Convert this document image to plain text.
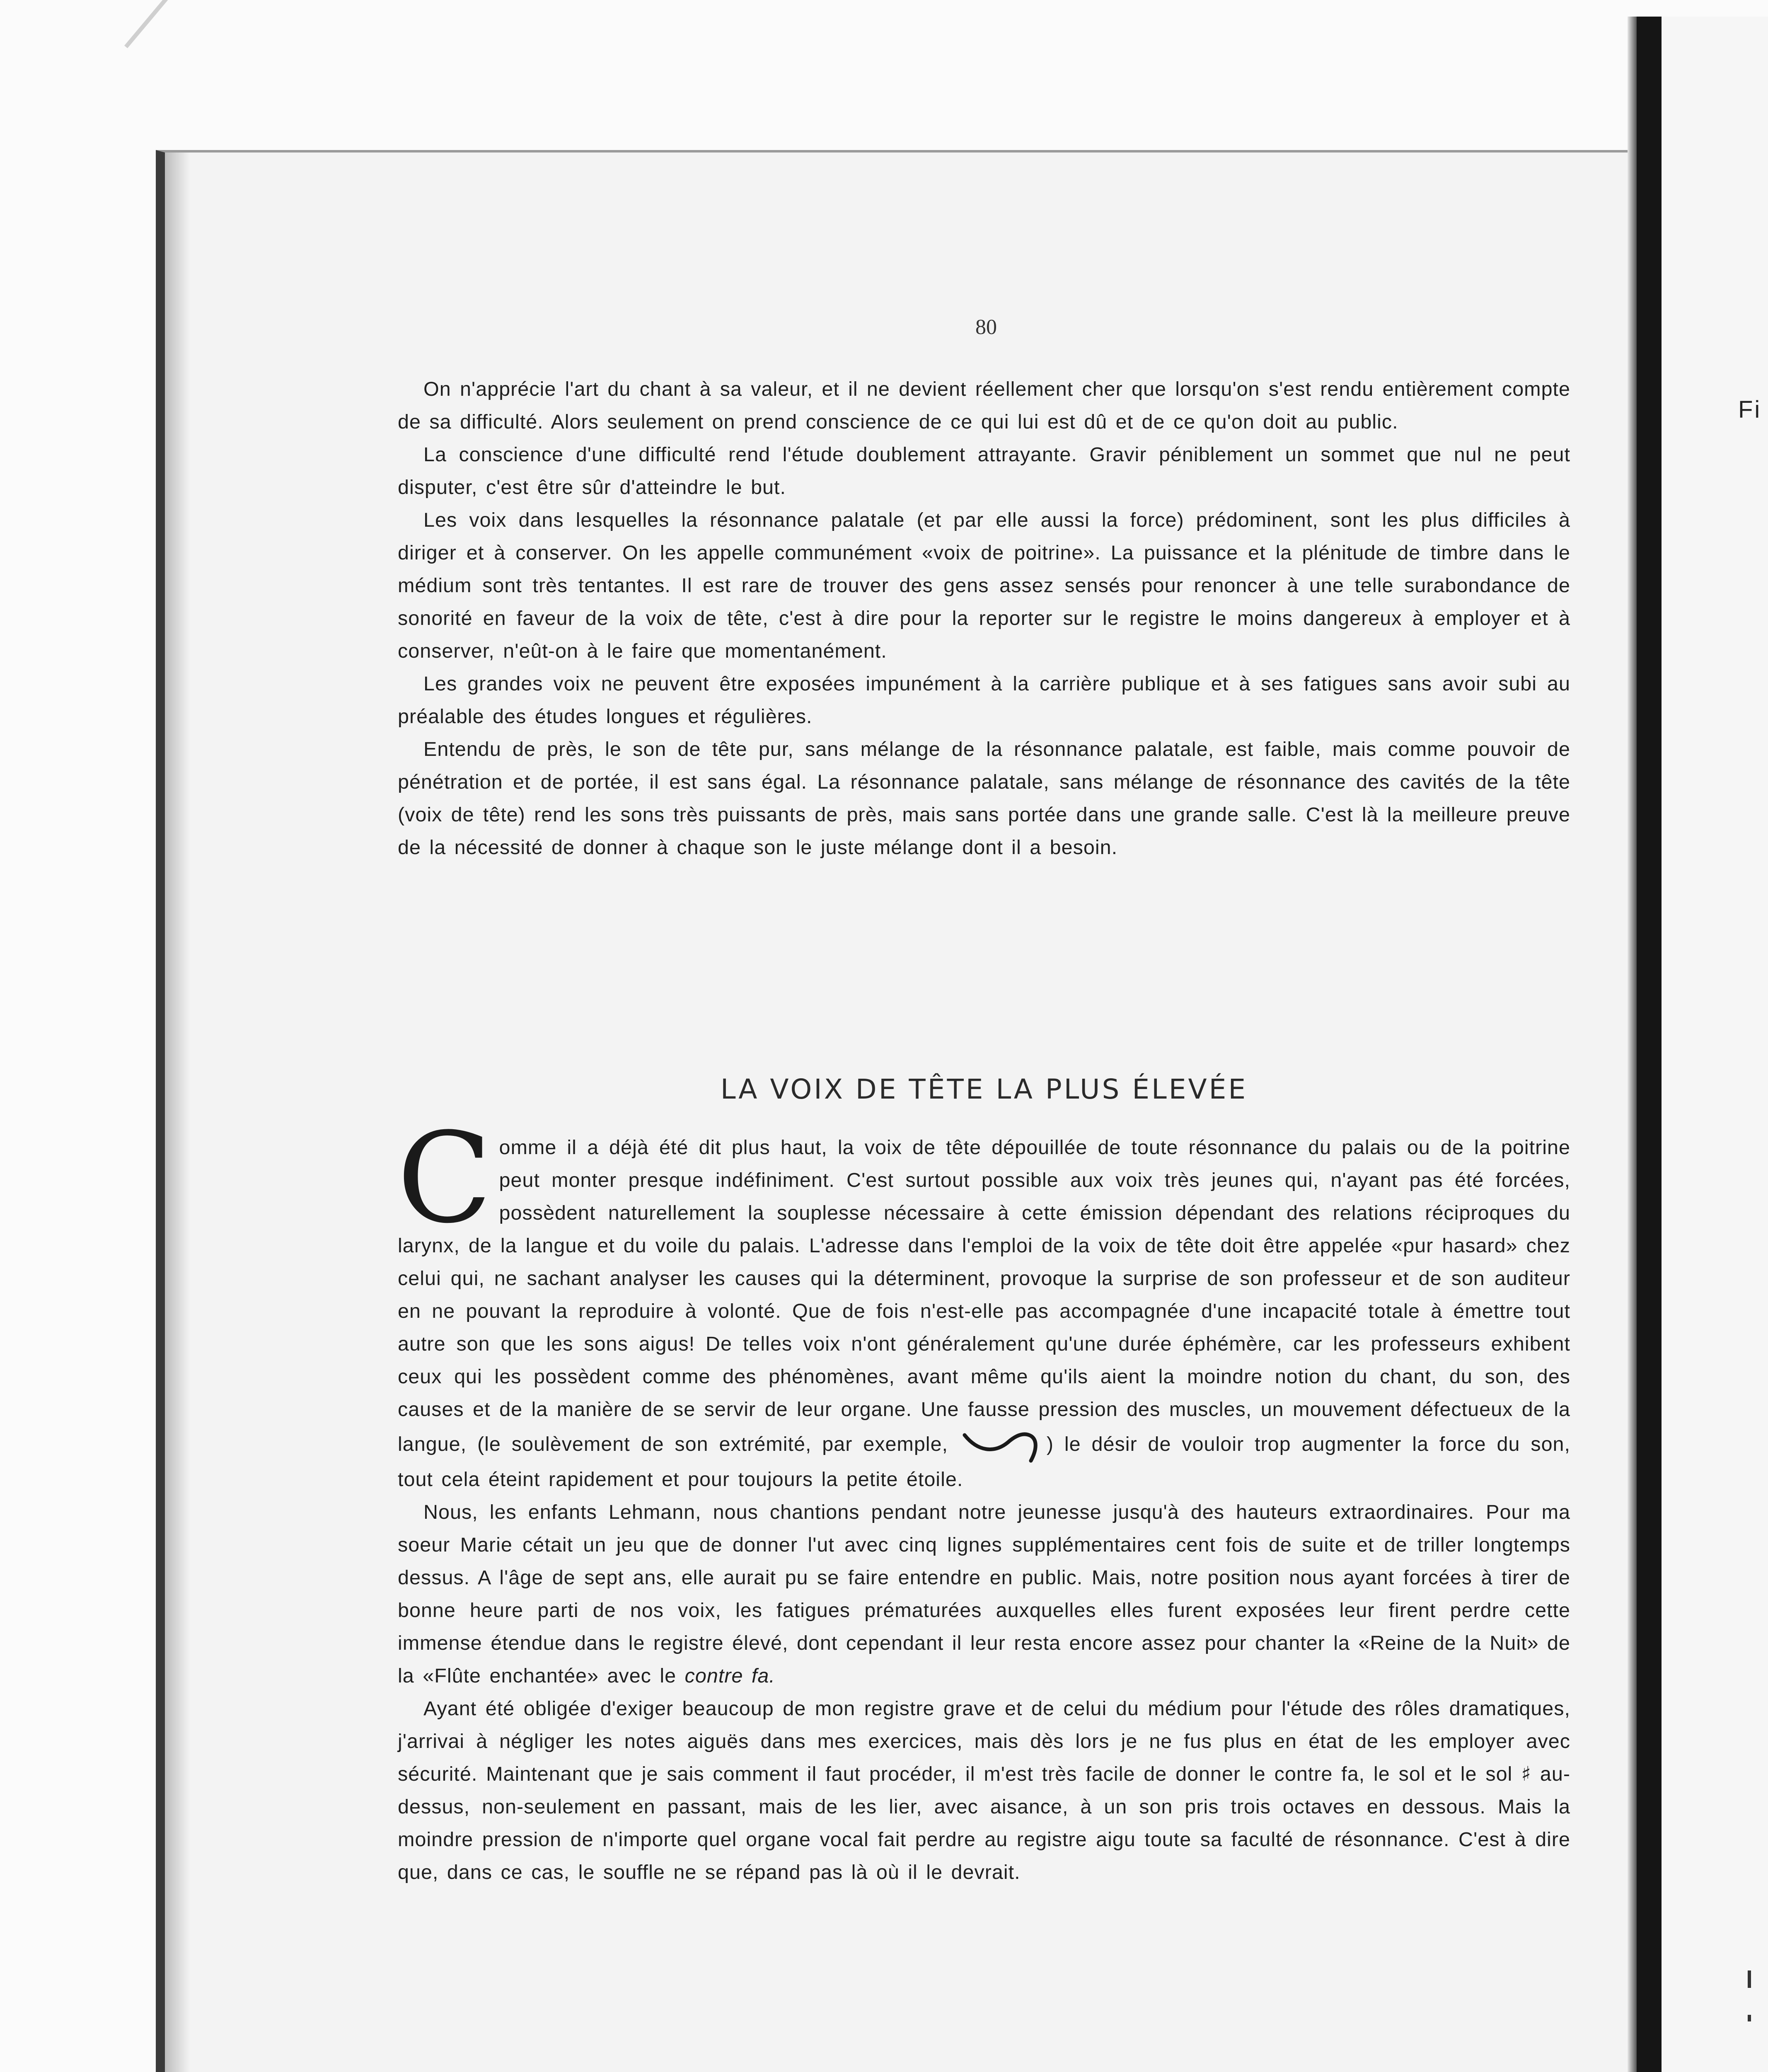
Fi
80

On n'apprécie l'art du chant à sa valeur, et il ne devient réellement cher que lorsqu'on s'est rendu entièrement compte de sa difficulté. Alors seulement on prend conscience de ce qui lui est dû et de ce qu'on doit au public.

La conscience d'une difficulté rend l'étude doublement attrayante. Gravir péniblement un sommet que nul ne peut disputer, c'est être sûr d'atteindre le but.

Les voix dans lesquelles la résonnance palatale (et par elle aussi la force) prédominent, sont les plus difficiles à diriger et à conserver. On les appelle communément «voix de poitrine». La puissance et la plénitude de timbre dans le médium sont très tentantes. Il est rare de trouver des gens assez sensés pour renoncer à une telle surabondance de sonorité en faveur de la voix de tête, c'est à dire pour la reporter sur le registre le moins dangereux à employer et à conserver, n'eût-on à le faire que momentanément.

Les grandes voix ne peuvent être exposées impunément à la carrière publique et à ses fatigues sans avoir subi au préalable des études longues et régulières.

Entendu de près, le son de tête pur, sans mélange de la résonnance palatale, est faible, mais comme pouvoir de pénétration et de portée, il est sans égal. La résonnance palatale, sans mélange de résonnance des cavités de la tête (voix de tête) rend les sons très puissants de près, mais sans portée dans une grande salle. C'est là la meilleure preuve de la nécessité de donner à chaque son le juste mélange dont il a besoin.

LA VOIX DE TÊTE LA PLUS ÉLEVÉE

Comme il a déjà été dit plus haut, la voix de tête dépouillée de toute résonnance du palais ou de la poitrine peut monter presque indéfiniment. C'est surtout possible aux voix très jeunes qui, n'ayant pas été forcées, possèdent naturellement la souplesse nécessaire à cette émission dépendant des relations réciproques du larynx, de la langue et du voile du palais. L'adresse dans l'emploi de la voix de tête doit être appelée «pur hasard» chez celui qui, ne sachant analyser les causes qui la déterminent, provoque la surprise de son professeur et de son auditeur en ne pouvant la reproduire à volonté. Que de fois n'est-elle pas accompagnée d'une incapacité totale à émettre tout autre son que les sons aigus! De telles voix n'ont généralement qu'une durée éphémère, car les professeurs exhibent ceux qui les possèdent comme des phénomènes, avant même qu'ils aient la moindre notion du chant, du son, des causes et de la manière de se servir de leur organe. Une fausse pression des muscles, un mouvement défectueux de la langue, (le soulèvement de son extrémité, par exemple,	) le désir de vouloir trop augmenter la force du son, tout cela éteint rapidement et pour toujours la petite étoile.

Nous, les enfants Lehmann, nous chantions pendant notre jeunesse jusqu'à des hauteurs extraordinaires. Pour ma soeur Marie cétait un jeu que de donner l'ut avec cinq lignes supplémentaires cent fois de suite et de triller longtemps dessus. A l'âge de sept ans, elle aurait pu se faire entendre en public. Mais, notre position nous ayant forcées à tirer de bonne heure parti de nos voix, les fatigues prématurées auxquelles elles furent exposées leur firent perdre cette immense étendue dans le registre élevé, dont cependant il leur resta encore assez pour chanter la «Reine de la Nuit» de la «Flûte enchantée» avec le contre fa.

Ayant été obligée d'exiger beaucoup de mon registre grave et de celui du médium pour l'étude des rôles dramatiques, j'arrivai à négliger les notes aiguës dans mes exercices, mais dès lors je ne fus plus en état de les employer avec sécurité. Maintenant que je sais comment il faut procéder, il m'est très facile de donner le contre fa, le sol et le sol ♯ au-dessus, non-seulement en passant, mais de les lier, avec aisance, à un son pris trois octaves en dessous. Mais la moindre pression de n'importe quel organe vocal fait perdre au registre aigu toute sa faculté de résonnance. C'est à dire que, dans ce cas, le souffle ne se répand pas là où il le devrait.
